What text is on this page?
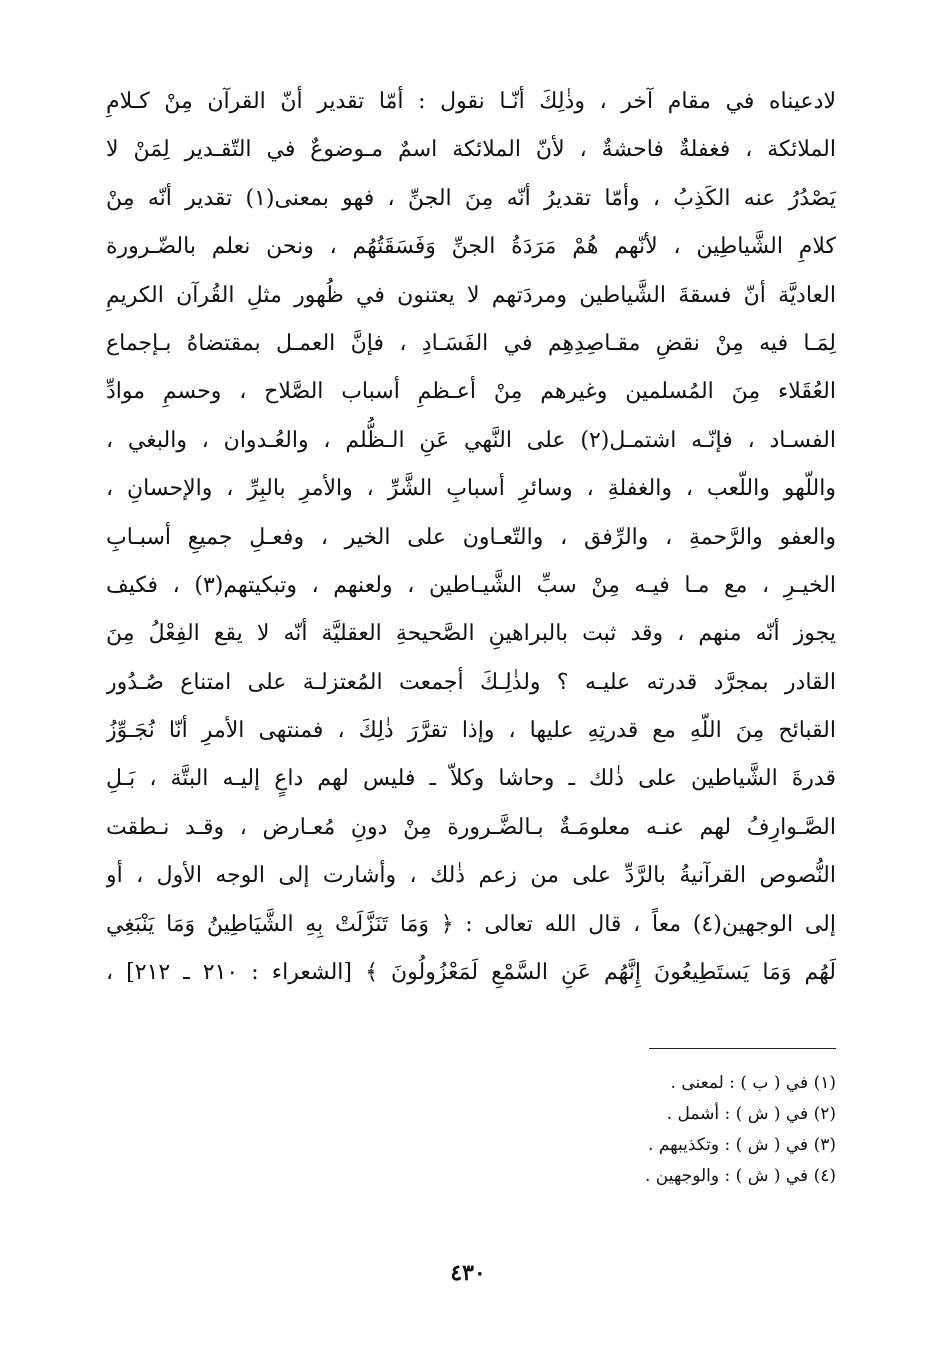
لادعيناه في مقام آخر ، وذٰلِكَ أنّـا نقول : أمّا تقدير أنّ القرآن مِنْ كـلامِ
الملائكة ، فغفلةٌ فاحشةٌ ، لأنّ الملائكة اسمٌ مـوضوعٌ في التّقـدير لِمَنْ لا
يَصْدُرُ عنه الكَذِبُ ، وأمّا تقديرُ أنّه مِنَ الجنِّ ، فهو بمعنى(١) تقدير أنّه مِنْ
كلامِ الشَّياطِين ، لأنّهم هُمْ مَرَدَةُ الجنِّ وَفَسَقَتُهُم ، ونحن نعلم بالضّـرورة
العاديَّة أنّ فسقةَ الشَّياطين ومردَتهم لا يعتنون في ظُهور مثلِ القُرآن الكريمِ
لِمَـا فيه مِنْ نقضِ مقـاصِدِهِم في الفَسَـادِ ، فإنَّ العمـل بمقتضاهُ بـإجماع
العُقَلاء مِنَ المُسلمين وغيرهم مِنْ أعـظمِ أسباب الصَّلاح ، وحسمِ موادِّ
الفسـاد ، فإنّـه اشتمـل(٢) على النَّهي عَنِ الـظُّلم ، والعُـدوان ، والبغي ،
واللّهو واللّعب ، والغفلةِ ، وسائرِ أسبابِ الشَّرِّ ، والأمرِ بالبِرِّ ، والإحسانِ ،
والعفو والرَّحمةِ ، والرِّفق ، والتّعـاون على الخير ، وفعـلِ جميعِ أسبـابِ
الخيـرِ ، مع مـا فيـه مِنْ سبِّ الشَّيـاطين ، ولعنهم ، وتبكيتهم(٣) ، فكيف
يجوز أنّه منهم ، وقد ثبت بالبراهينِ الصَّحيحةِ العقليَّة أنّه لا يقع الفِعْلُ مِنَ
القادر بمجرَّد قدرته عليـه ؟ ولذٰلِـكَ أجمعت المُعتزلـة على امتناع صُـدُور
القبائح مِنَ اللّهِ مع قدرتِهِ عليها ، وإذا تقرَّرَ ذٰلِكَ ، فمنتهى الأمرِ أنّا نُجَـوِّزُ
قدرةَ الشَّياطين على ذٰلك ـ وحاشا وكلاّ ـ فليس لهم داعٍ إليـه البتَّة ، بَـلِ
الصَّـوارِفُ لهم عنـه معلومَـةٌ بـالضَّـرورة مِنْ دونِ مُعـارض ، وقـد نـطقت
النُّصوص القرآنيةُ بالرَّدِّ على من زعم ذٰلك ، وأشارت إلى الوجه الأول ، أو
إلى الوجهين(٤) معاً ، قال الله تعالى : ﴿ وَمَا تَنَزَّلَتْ بِهِ الشَّيَاطِينُ وَمَا يَنْبَغِي
لَهُم وَمَا يَستَطِيعُونَ إِنَّهُم عَنِ السَّمْعِ لَمَعْزُولُونَ ﴾ [الشعراء : ٢١٠ ـ ٢١٢] ،
(١) في ( ب ) : لمعنى .
(٢) في ( ش ) : أشمل .
(٣) في ( ش ) : وتكذيبهم .
(٤) في ( ش ) : والوجهين .
٤٣٠
